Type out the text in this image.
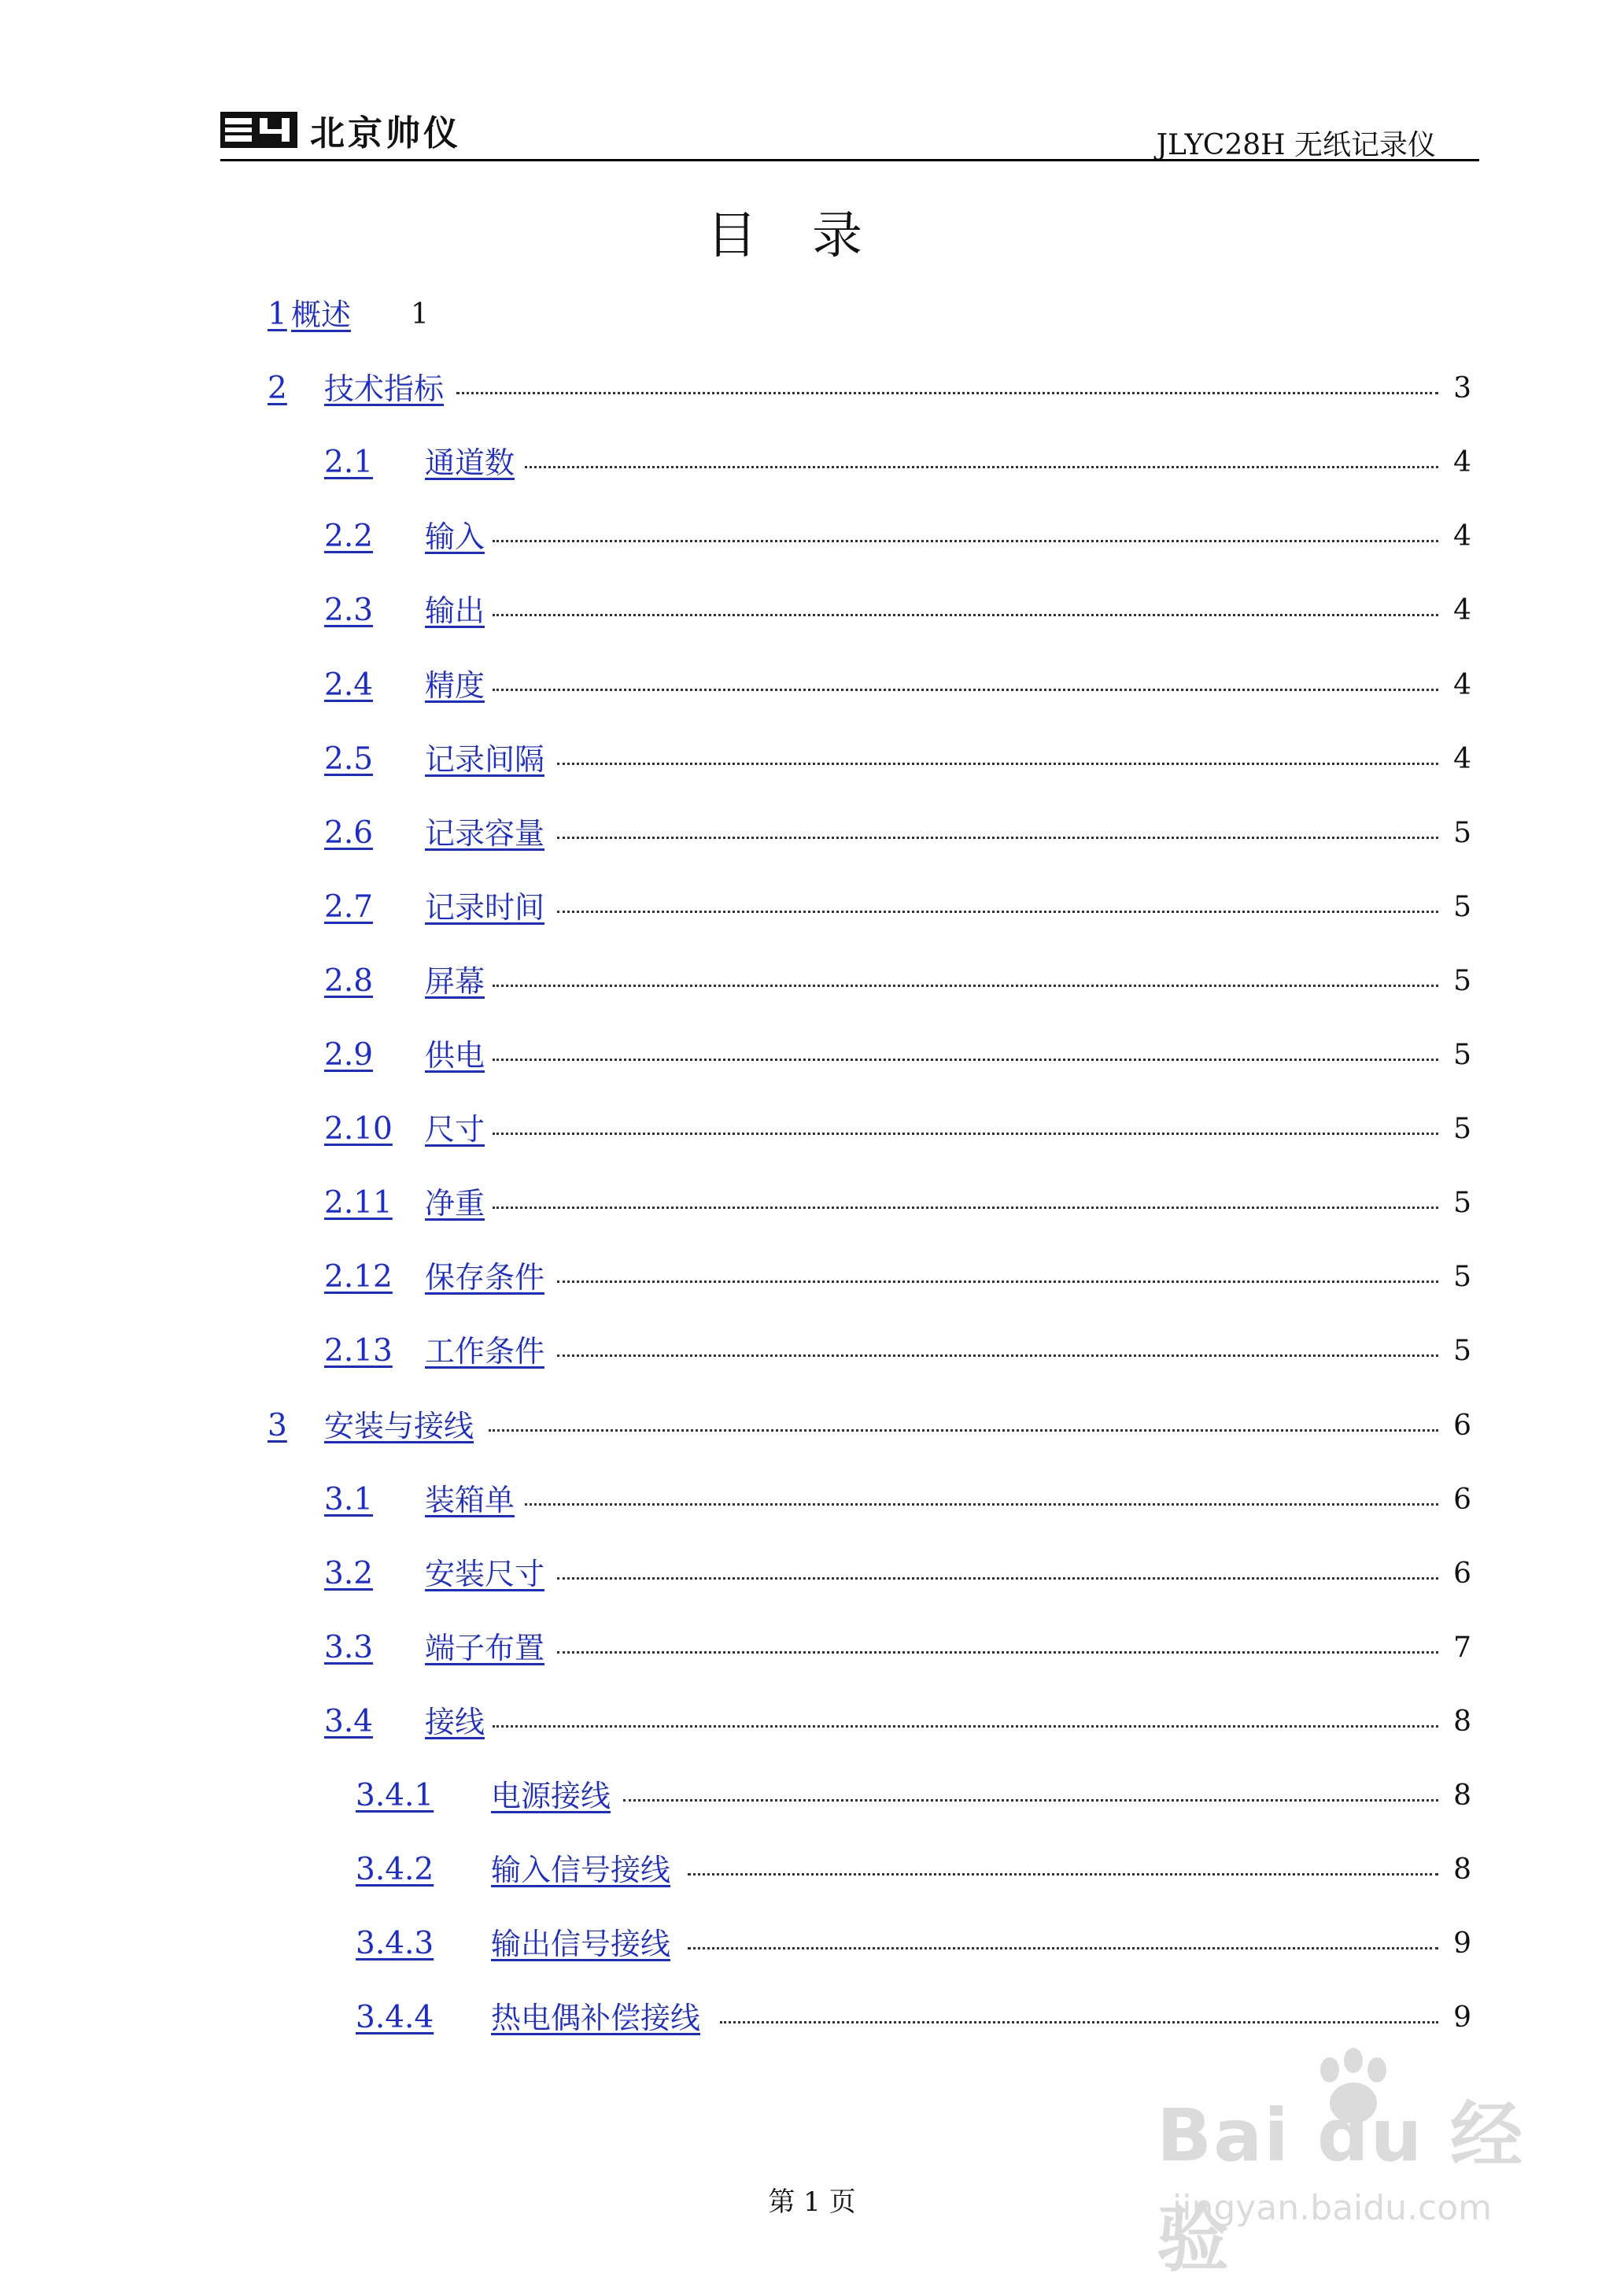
北京帅仪	JLYC28H 无纸记录仪
目录
1 概述 1
2 技术指标	3
2.1 通道数	4
2.2 输入	4
2.3 输出	4
2.4 精度	4
2.5 记录间隔	4
2.6 记录容量	5
2.7 记录时间	5
2.8 屏幕	5
2.9 供电	5
2.10 尺寸	5
2.11 净重	5
2.12 保存条件	5
2.13 工作条件	5
3 安装与接线	6
3.1 装箱单	6
3.2 安装尺寸	6
3.3 端子布置	7
3.4 接线	8
3.4.1 电源接线	8
3.4.2 输入信号接线	8
3.4.3 输出信号接线	9
3.4.4 热电偶补偿接线	9
第 1 页
Bai du 经验
jingyan.baidu.com
